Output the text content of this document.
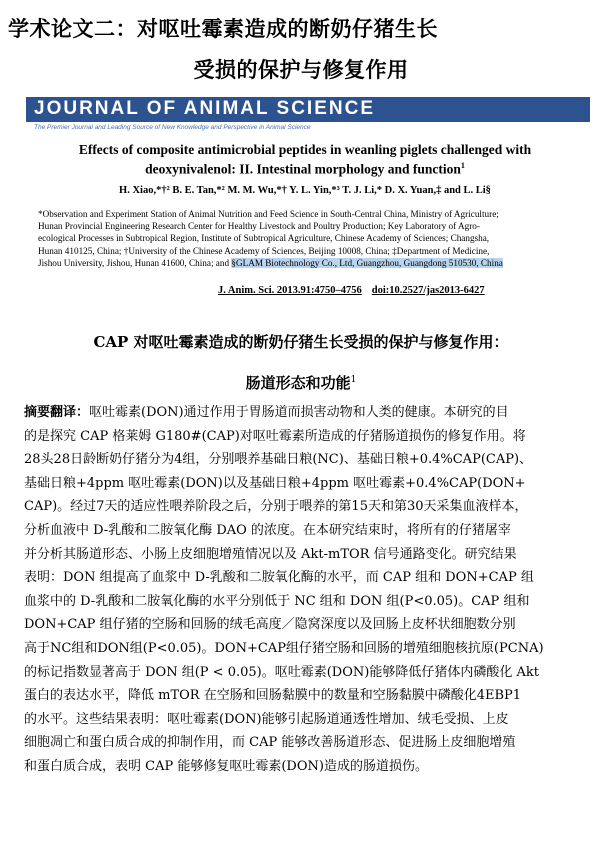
学术论文二：对呕吐霉素造成的断奶仔猪生长
受损的保护与修复作用
JOURNAL OF ANIMAL SCIENCE
The Premier Journal and Leading Source of New Knowledge and Perspective in Animal Science
Effects of composite antimicrobial peptides in weanling piglets challenged with
deoxynivalenol: II. Intestinal morphology and function$^1$
H. Xiao,*†² B. E. Tan,*² M. M. Wu,*† Y. L. Yin,*³ T. J. Li,* D. X. Yuan,‡ and L. Li§
*Observation and Experiment Station of Animal Nutrition and Feed Science in South-Central China, Ministry of Agriculture;
Hunan Provincial Engineering Research Center for Healthy Livestock and Poultry Production; Key Laboratory of Agro-
ecological Processes in Subtropical Region, Institute of Subtropical Agriculture, Chinese Academy of Sciences; Changsha,
Hunan 410125, China; †University of the Chinese Academy of Sciences, Beijing 10008, China; ‡Department of Medicine,
Jishou University, Jishou, Hunan 41600, China; and §GLAM Biotechnology Co., Ltd, Guangzhou, Guangdong 510530, China
J. Anim. Sci. 2013.91:4750–4756 doi:10.2527/jas2013-6427
CAP 对呕吐霉素造成的断奶仔猪生长受损的保护与修复作用：
肠道形态和功能$^1$
摘要翻译：呕吐霉素(DON)通过作用于胃肠道而损害动物和人类的健康。本研究的目
的是探究 CAP 格莱姆 G180#(CAP)对呕吐霉素所造成的仔猪肠道损伤的修复作用。将
28头28日龄断奶仔猪分为4组，分别喂养基础日粮(NC)、基础日粮+0.4%CAP(CAP)、
基础日粮+4ppm 呕吐霉素(DON)以及基础日粮+4ppm 呕吐霉素+0.4%CAP(DON+
CAP)。经过7天的适应性喂养阶段之后，分别于喂养的第15天和第30天采集血液样本，
分析血液中 D-乳酸和二胺氧化酶 DAO 的浓度。在本研究结束时，将所有的仔猪屠宰
并分析其肠道形态、小肠上皮细胞增殖情况以及 Akt-mTOR 信号通路变化。研究结果
表明：DON 组提高了血浆中 D-乳酸和二胺氧化酶的水平，而 CAP 组和 DON+CAP 组
血浆中的 D-乳酸和二胺氧化酶的水平分别低于 NC 组和 DON 组(P<0.05)。CAP 组和
DON+CAP 组仔猪的空肠和回肠的绒毛高度／隐窝深度以及回肠上皮杯状细胞数分别
高于NC组和DON组(P<0.05)。DON+CAP组仔猪空肠和回肠的增殖细胞核抗原(PCNA)
的标记指数显著高于 DON 组(P < 0.05)。呕吐霉素(DON)能够降低仔猪体内磷酸化 Akt
蛋白的表达水平，降低 mTOR 在空肠和回肠黏膜中的数量和空肠黏膜中磷酸化4EBP1
的水平。这些结果表明：呕吐霉素(DON)能够引起肠道通透性增加、绒毛受损、上皮
细胞凋亡和蛋白质合成的抑制作用，而 CAP 能够改善肠道形态、促进肠上皮细胞增殖
和蛋白质合成，表明 CAP 能够修复呕吐霉素(DON)造成的肠道损伤。
